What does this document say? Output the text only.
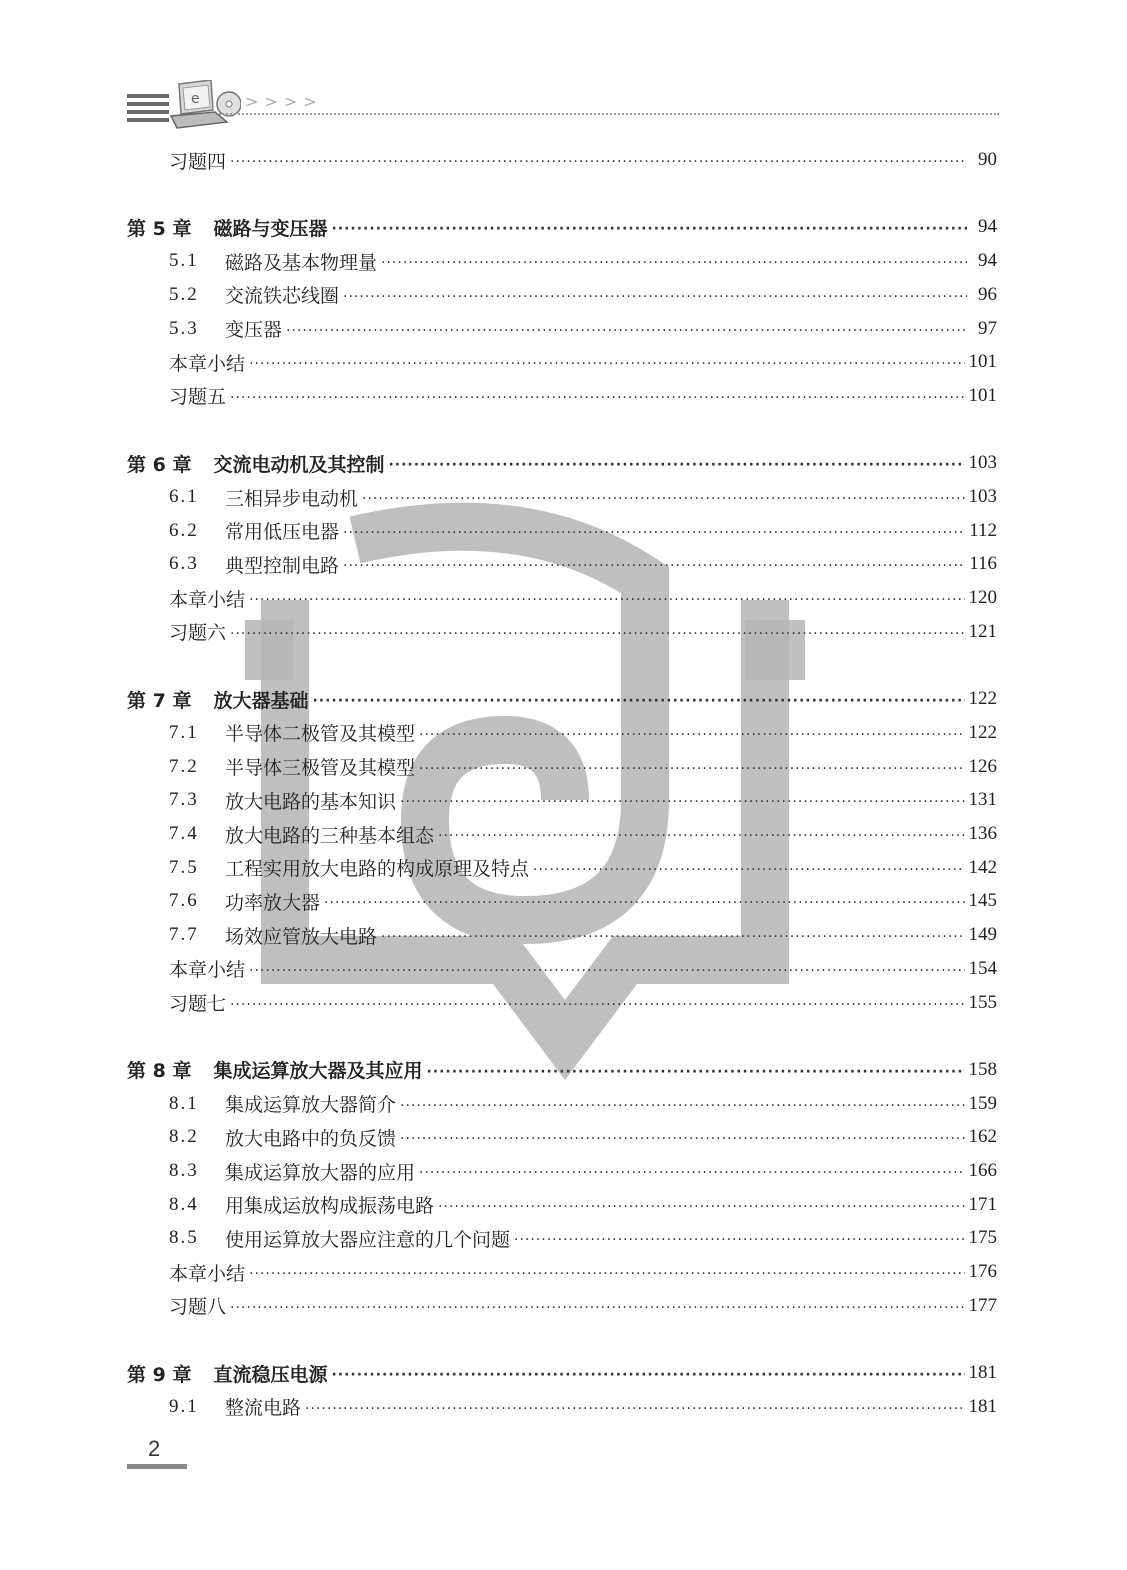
e	>>>>
习题四 ·····	90
第 5 章 磁路与变压器 ·····	94
5.1	磁路及基本物理量 ·····	94
5.2	交流铁芯线圈 ·····	96
5.3	变压器 ·····	97
本章小结 ·····	101
习题五 ·····	101
第 6 章 交流电动机及其控制 ·····	103
6.1	三相异步电动机 ·····	103
6.2	常用低压电器 ·····	112
6.3	典型控制电路 ·····	116
本章小结 ·····	120
习题六 ·····	121
第 7 章 放大器基础 ·····	122
7.1	半导体二极管及其模型 ·····	122
7.2	半导体三极管及其模型 ·····	126
7.3	放大电路的基本知识 ·····	131
7.4	放大电路的三种基本组态 ·····	136
7.5	工程实用放大电路的构成原理及特点 ·····	142
7.6	功率放大器 ·····	145
7.7	场效应管放大电路 ·····	149
本章小结 ·····	154
习题七 ·····	155
第 8 章 集成运算放大器及其应用 ·····	158
8.1	集成运算放大器简介 ·····	159
8.2	放大电路中的负反馈 ·····	162
8.3	集成运算放大器的应用 ·····	166
8.4	用集成运放构成振荡电路 ·····	171
8.5	使用运算放大器应注意的几个问题 ·····	175
本章小结 ·····	176
习题八 ·····	177
第 9 章 直流稳压电源 ·····	181
9.1	整流电路 ·····	181
2
